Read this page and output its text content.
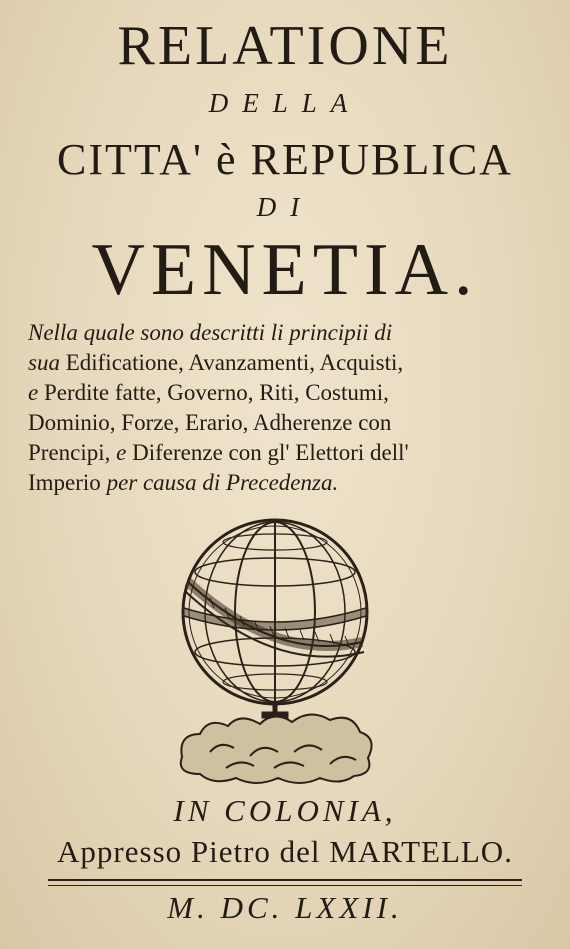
RELATIONE
DELLA
CITTA' è REPUBLICA
DI
VENETIA.
Nella quale sono descritti li principii di
sua Edificatione, Avanzamenti, Acquisti,
e Perdite fatte, Governo, Riti, Costumi,
Dominio, Forze, Erario, Adherenze con
Prencipi, e Diferenze con gl' Elettori dell'
Imperio per causa di Precedenza.
IN COLONIA,
Appresso Pietro del MARTELLO.
M. DC. LXXII.
